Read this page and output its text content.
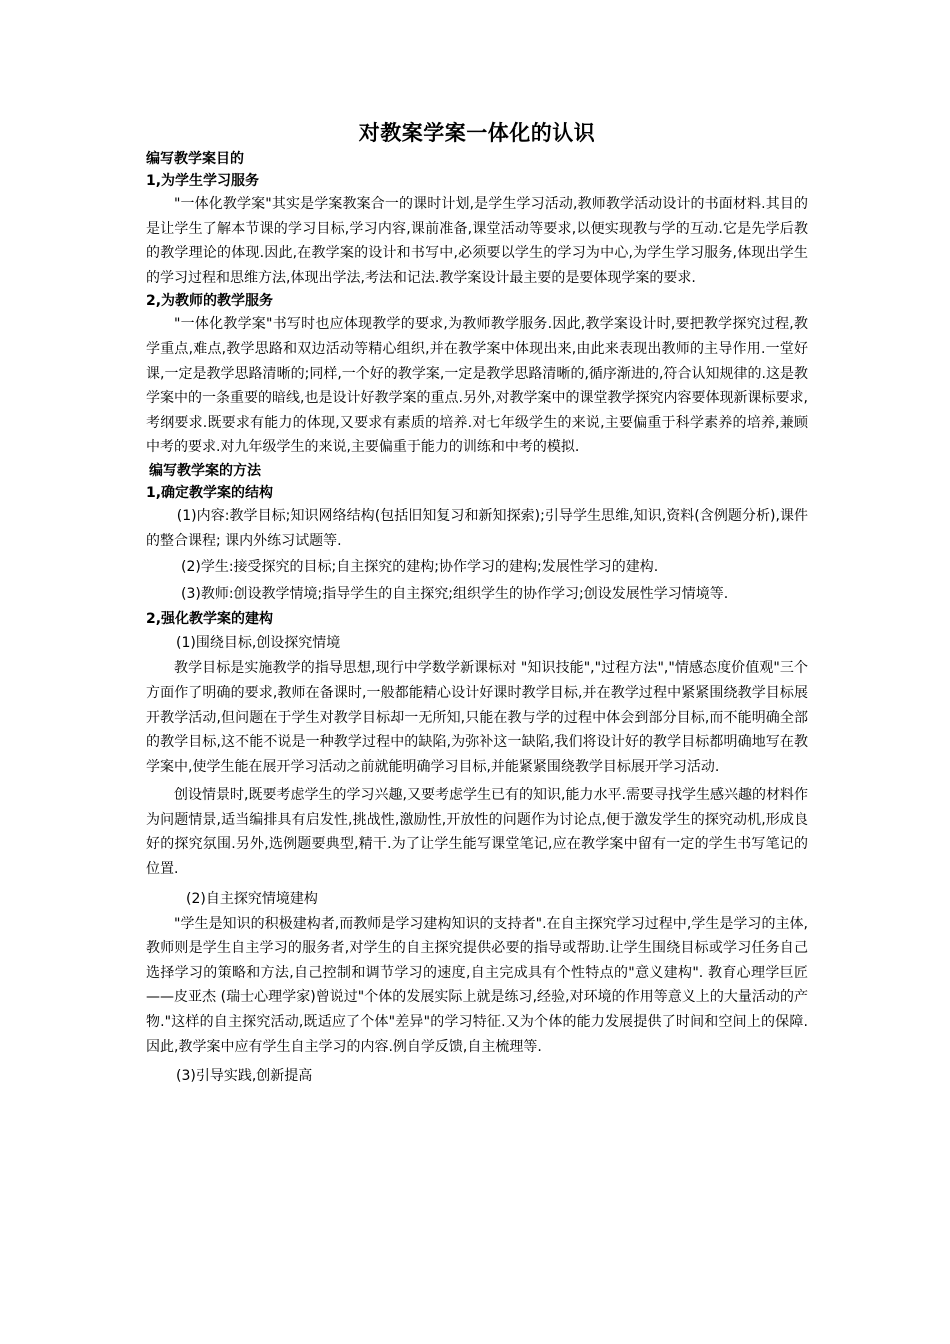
对教案学案一体化的认识

编写教学案目的

1,为学生学习服务

"一体化教学案"其实是学案教案合一的课时计划,是学生学习活动,教师教学活动设计的书面材料.其目的是让学生了解本节课的学习目标,学习内容,课前准备,课堂活动等要求,以便实现教与学的互动.它是先学后教的教学理论的体现.因此,在教学案的设计和书写中,必须要以学生的学习为中心,为学生学习服务,体现出学生的学习过程和思维方法,体现出学法,考法和记法.教学案设计最主要的是要体现学案的要求.

2,为教师的教学服务

"一体化教学案"书写时也应体现教学的要求,为教师教学服务.因此,教学案设计时,要把教学探究过程,教学重点,难点,教学思路和双边活动等精心组织,并在教学案中体现出来,由此来表现出教师的主导作用.一堂好课,一定是教学思路清晰的;同样,一个好的教学案,一定是教学思路清晰的,循序渐进的,符合认知规律的.这是教学案中的一条重要的暗线,也是设计好教学案的重点.另外,对教学案中的课堂教学探究内容要体现新课标要求,考纲要求.既要求有能力的体现,又要求有素质的培养.对七年级学生的来说,主要偏重于科学素养的培养,兼顾中考的要求.对九年级学生的来说,主要偏重于能力的训练和中考的模拟.

编写教学案的方法

1,确定教学案的结构

(1)内容:教学目标;知识网络结构(包括旧知复习和新知探索);引导学生思维,知识,资料(含例题分析),课件的整合课程; 课内外练习试题等.

(2)学生:接受探究的目标;自主探究的建构;协作学习的建构;发展性学习的建构.

(3)教师:创设教学情境;指导学生的自主探究;组织学生的协作学习;创设发展性学习情境等.

2,强化教学案的建构

(1)围绕目标,创设探究情境

教学目标是实施教学的指导思想,现行中学数学新课标对 "知识技能","过程方法","情感态度价值观"三个方面作了明确的要求,教师在备课时,一般都能精心设计好课时教学目标,并在教学过程中紧紧围绕教学目标展开教学活动,但问题在于学生对教学目标却一无所知,只能在教与学的过程中体会到部分目标,而不能明确全部的教学目标,这不能不说是一种教学过程中的缺陷,为弥补这一缺陷,我们将设计好的教学目标都明确地写在教学案中,使学生能在展开学习活动之前就能明确学习目标,并能紧紧围绕教学目标展开学习活动.

创设情景时,既要考虑学生的学习兴趣,又要考虑学生已有的知识,能力水平.需要寻找学生感兴趣的材料作为问题情景,适当编排具有启发性,挑战性,激励性,开放性的问题作为讨论点,便于激发学生的探究动机,形成良好的探究氛围.另外,选例题要典型,精干.为了让学生能写课堂笔记,应在教学案中留有一定的学生书写笔记的位置.

(2)自主探究情境建构

"学生是知识的积极建构者,而教师是学习建构知识的支持者".在自主探究学习过程中,学生是学习的主体,教师则是学生自主学习的服务者,对学生的自主探究提供必要的指导或帮助.让学生围绕目标或学习任务自己选择学习的策略和方法,自己控制和调节学习的速度,自主完成具有个性特点的"意义建构". 教育心理学巨匠——皮亚杰 (瑞士心理学家)曾说过"个体的发展实际上就是练习,经验,对环境的作用等意义上的大量活动的产物."这样的自主探究活动,既适应了个体"差异"的学习特征.又为个体的能力发展提供了时间和空间上的保障.因此,教学案中应有学生自主学习的内容.例自学反馈,自主梳理等.

(3)引导实践,创新提高
